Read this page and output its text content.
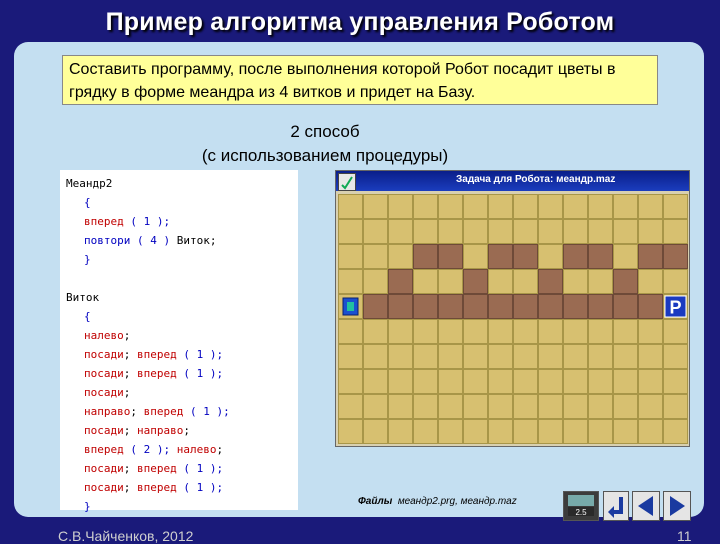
Пример алгоритма управления Роботом
Составить программу, после выполнения которой Робот посадит цветы в грядку в форме меандра из 4 витков и придет на Базу.
2 способ
(с использованием процедуры)
Меандр2
{
вперед ( 1 );
повтори ( 4 ) Виток;
}
Виток
{
налево;
посади; вперед ( 1 );
посади; вперед ( 1 );
посади;
направо; вперед ( 1 );
посади; направо;
вперед ( 2 ); налево;
посади; вперед ( 1 );
посади; вперед ( 1 );
}
Задача для Робота: меандр.maz
P
Файлы меандр2.prg, меандр.maz
2.5
С.В.Чайченков, 2012	11
